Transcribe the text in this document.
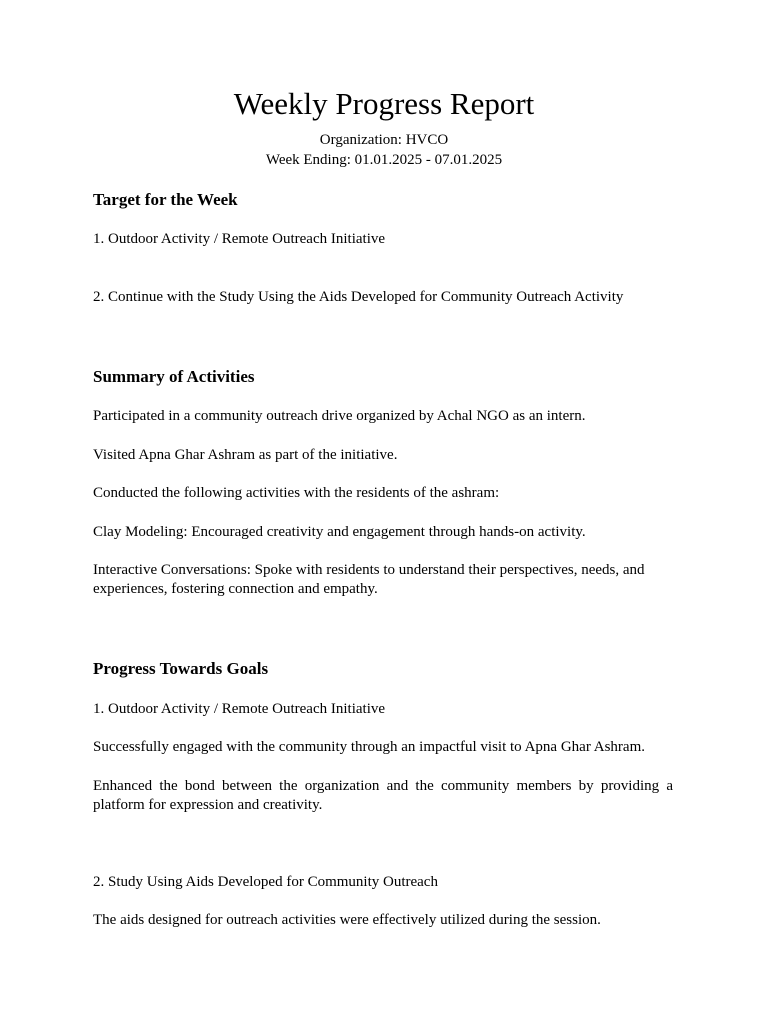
Weekly Progress Report
Organization: HVCO
Week Ending: 01.01.2025 - 07.01.2025
Target for the Week

1. Outdoor Activity / Remote Outreach Initiative

2. Continue with the Study Using the Aids Developed for Community Outreach Activity

Summary of Activities

Participated in a community outreach drive organized by Achal NGO as an intern.

Visited Apna Ghar Ashram as part of the initiative.

Conducted the following activities with the residents of the ashram:

Clay Modeling: Encouraged creativity and engagement through hands-on activity.

Interactive Conversations: Spoke with residents to understand their perspectives, needs, and experiences, fostering connection and empathy.

Progress Towards Goals

1. Outdoor Activity / Remote Outreach Initiative

Successfully engaged with the community through an impactful visit to Apna Ghar Ashram.

Enhanced the bond between the organization and the community members by providing a platform for expression and creativity.

2. Study Using Aids Developed for Community Outreach

The aids designed for outreach activities were effectively utilized during the session.
